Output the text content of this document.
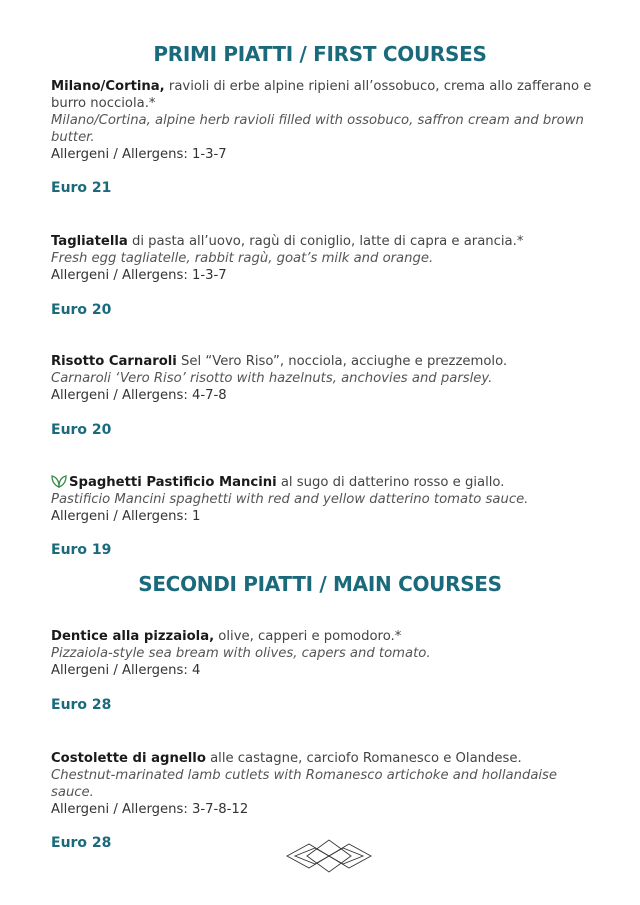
PRIMI PIATTI / FIRST COURSES

Milano/Cortina, ravioli di erbe alpine ripieni all’ossobuco, crema allo zafferano e burro nocciola.*

Milano/Cortina, alpine herb ravioli filled with ossobuco, saffron cream and brown butter.

Allergeni / Allergens: 1-3-7

Euro 21

Tagliatella di pasta all’uovo, ragù di coniglio, latte di capra e arancia.*

Fresh egg tagliatelle, rabbit ragù, goat’s milk and orange.

Allergeni / Allergens: 1-3-7

Euro 20

Risotto Carnaroli Sel “Vero Riso”, nocciola, acciughe e prezzemolo.

Carnaroli ‘Vero Riso’ risotto with hazelnuts, anchovies and parsley.

Allergeni / Allergens: 4-7-8

Euro 20

Spaghetti Pastificio Mancini al sugo di datterino rosso e giallo.

Pastificio Mancini spaghetti with red and yellow datterino tomato sauce.

Allergeni / Allergens: 1

Euro 19
SECONDI PIATTI / MAIN COURSES

Dentice alla pizzaiola, olive, capperi e pomodoro.*

Pizzaiola-style sea bream with olives, capers and tomato.

Allergeni / Allergens: 4

Euro 28

Costolette di agnello alle castagne, carciofo Romanesco e Olandese.

Chestnut-marinated lamb cutlets with Romanesco artichoke and hollandaise sauce.

Allergeni / Allergens: 3-7-8-12

Euro 28
